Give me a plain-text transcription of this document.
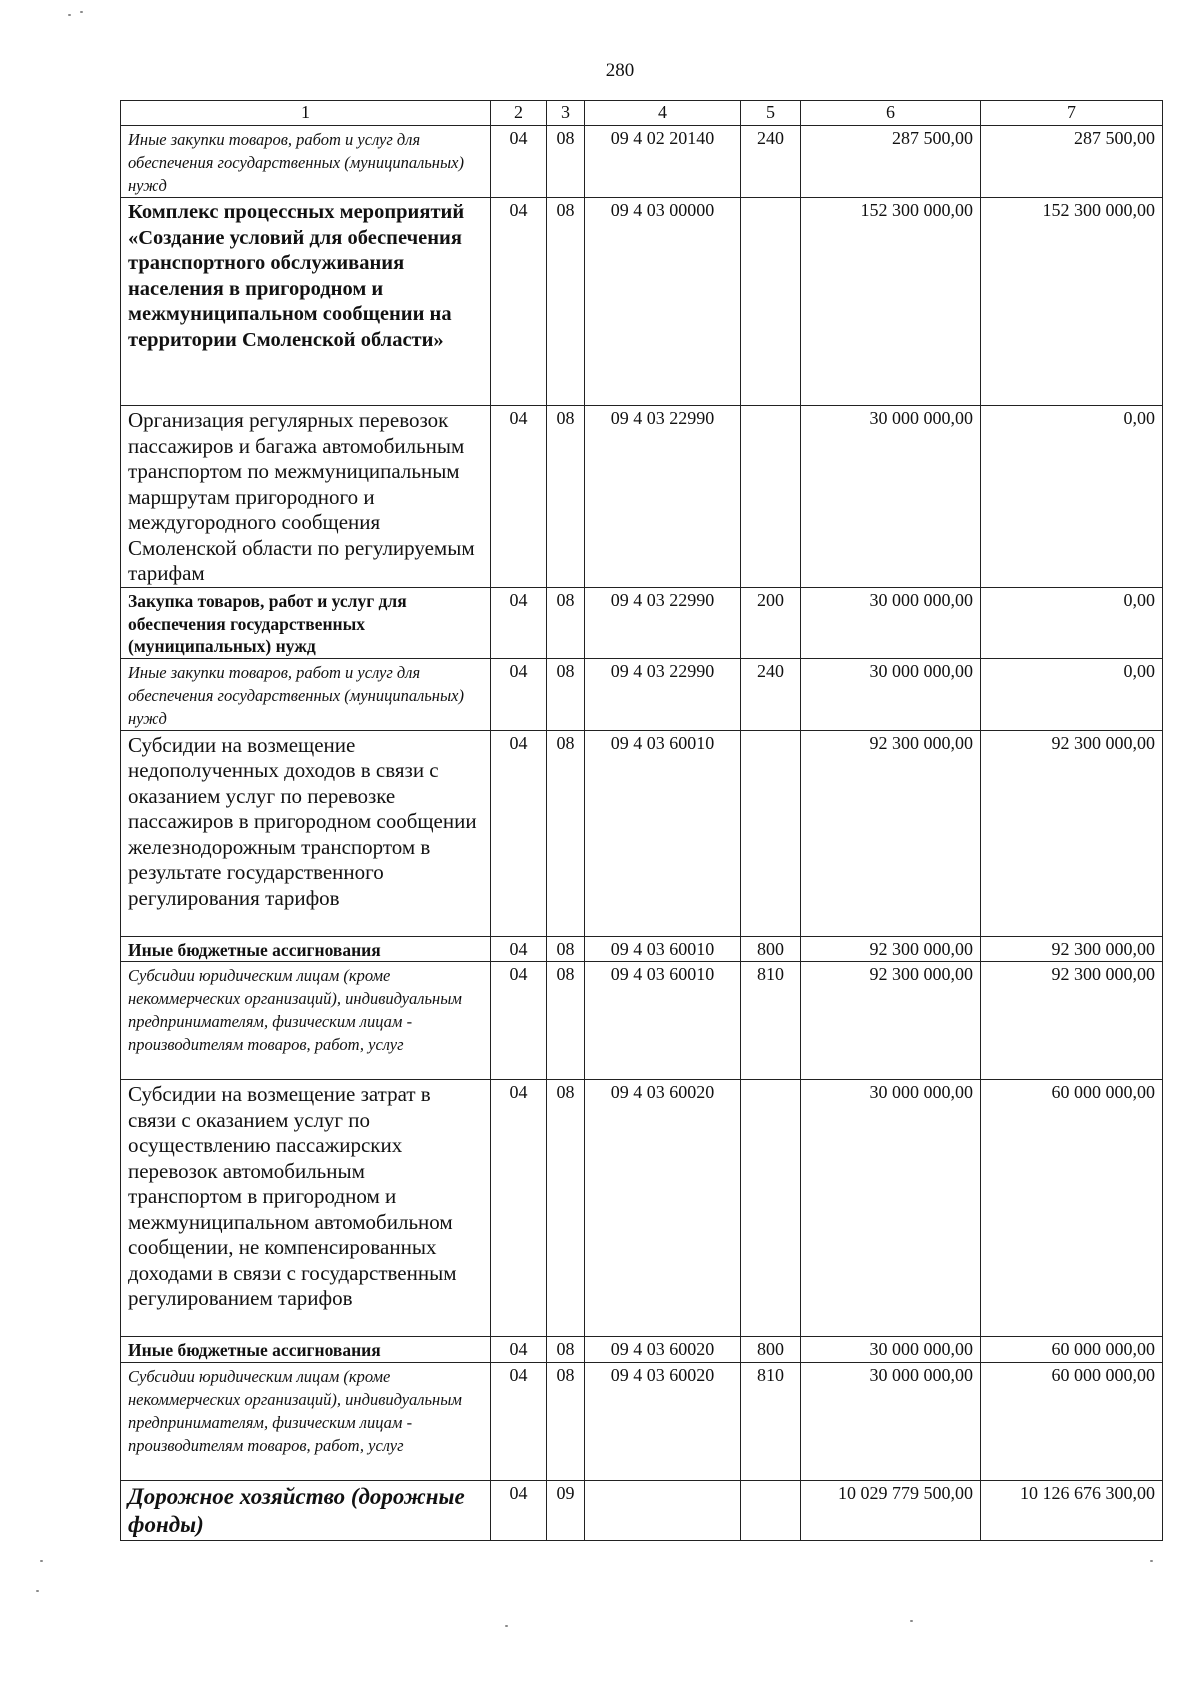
280
1	2	3	4	5	6	7
Иные закупки товаров, работ и услуг для обеспечения государственных (муниципальных) нужд	04	08	09 4 02 20140	240	287 500,00	287 500,00
Комплекс процессных мероприятий «Создание условий для обеспечения транспортного обслуживания населения в пригородном и межмуниципальном сообщении на территории Смоленской области»	04	08	09 4 03 00000		152 300 000,00	152 300 000,00
Организация регулярных перевозок пассажиров и багажа автомобильным транспортом по межмуниципальным маршрутам пригородного и междугородного сообщения Смоленской области по регулируемым тарифам	04	08	09 4 03 22990		30 000 000,00	0,00
Закупка товаров, работ и услуг для обеспечения государственных (муниципальных) нужд	04	08	09 4 03 22990	200	30 000 000,00	0,00
Иные закупки товаров, работ и услуг для обеспечения государственных (муниципальных) нужд	04	08	09 4 03 22990	240	30 000 000,00	0,00
Субсидии на возмещение недополученных доходов в связи с оказанием услуг по перевозке пассажиров в пригородном сообщении железнодорожным транспортом в результате государственного регулирования тарифов	04	08	09 4 03 60010		92 300 000,00	92 300 000,00
Иные бюджетные ассигнования	04	08	09 4 03 60010	800	92 300 000,00	92 300 000,00
Субсидии юридическим лицам (кроме некоммерческих организаций), индивидуальным предпринимателям, физическим лицам - производителям товаров, работ, услуг	04	08	09 4 03 60010	810	92 300 000,00	92 300 000,00
Субсидии на возмещение затрат в связи с оказанием услуг по осуществлению пассажирских перевозок автомобильным транспортом в пригородном и межмуниципальном автомобильном сообщении, не компенсированных доходами в связи с государственным регулированием тарифов	04	08	09 4 03 60020		30 000 000,00	60 000 000,00
Иные бюджетные ассигнования	04	08	09 4 03 60020	800	30 000 000,00	60 000 000,00
Субсидии юридическим лицам (кроме некоммерческих организаций), индивидуальным предпринимателям, физическим лицам - производителям товаров, работ, услуг	04	08	09 4 03 60020	810	30 000 000,00	60 000 000,00
Дорожное хозяйство (дорожные фонды)	04	09			10 029 779 500,00	10 126 676 300,00
